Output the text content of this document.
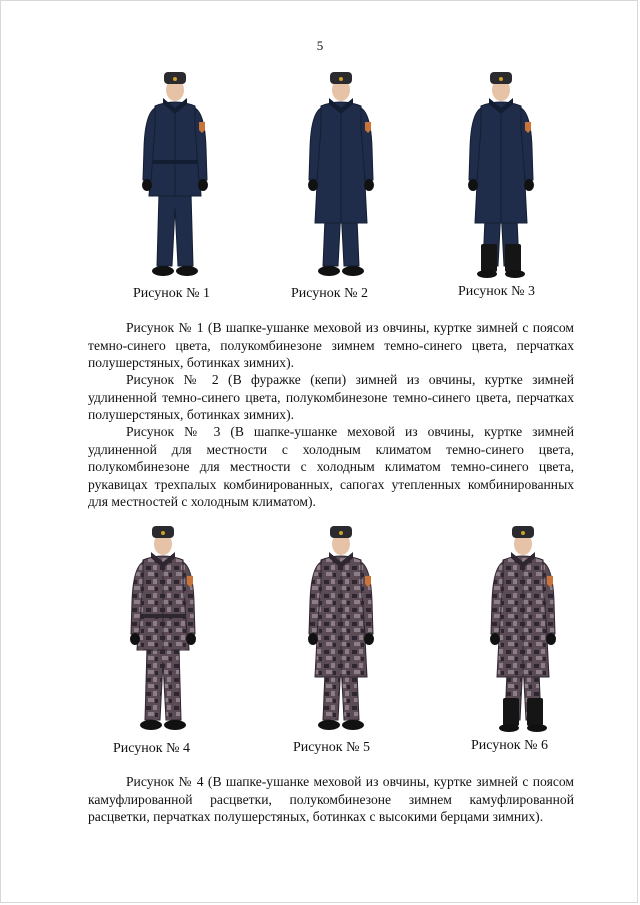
5
Рисунок № 1	Рисунок № 2	Рисунок № 3
Рисунок № 1 (В шапке-ушанке меховой из овчины, куртке зимней с поясом темно-синего цвета, полукомбинезоне зимнем темно-синего цвета, перчатках полушерстяных, ботинках зимних).
Рисунок № 2 (В фуражке (кепи) зимней из овчины, куртке зимней удлиненной темно-синего цвета, полукомбинезоне темно-синего цвета, перчатках полушерстяных, ботинках зимних).
Рисунок № 3 (В шапке-ушанке меховой из овчины, куртке зимней удлиненной для местности с холодным климатом темно-синего цвета, полукомбинезоне для местности с холодным климатом темно-синего цвета, рукавицах трехпалых комбинированных, сапогах утепленных комбинированных для местностей с холодным климатом).
Рисунок № 4	Рисунок № 5	Рисунок № 6
Рисунок № 4 (В шапке-ушанке меховой из овчины, куртке зимней с поясом камуфлированной расцветки, полукомбинезоне зимнем камуфлированной расцветки, перчатках полушерстяных, ботинках с высокими берцами зимних).
